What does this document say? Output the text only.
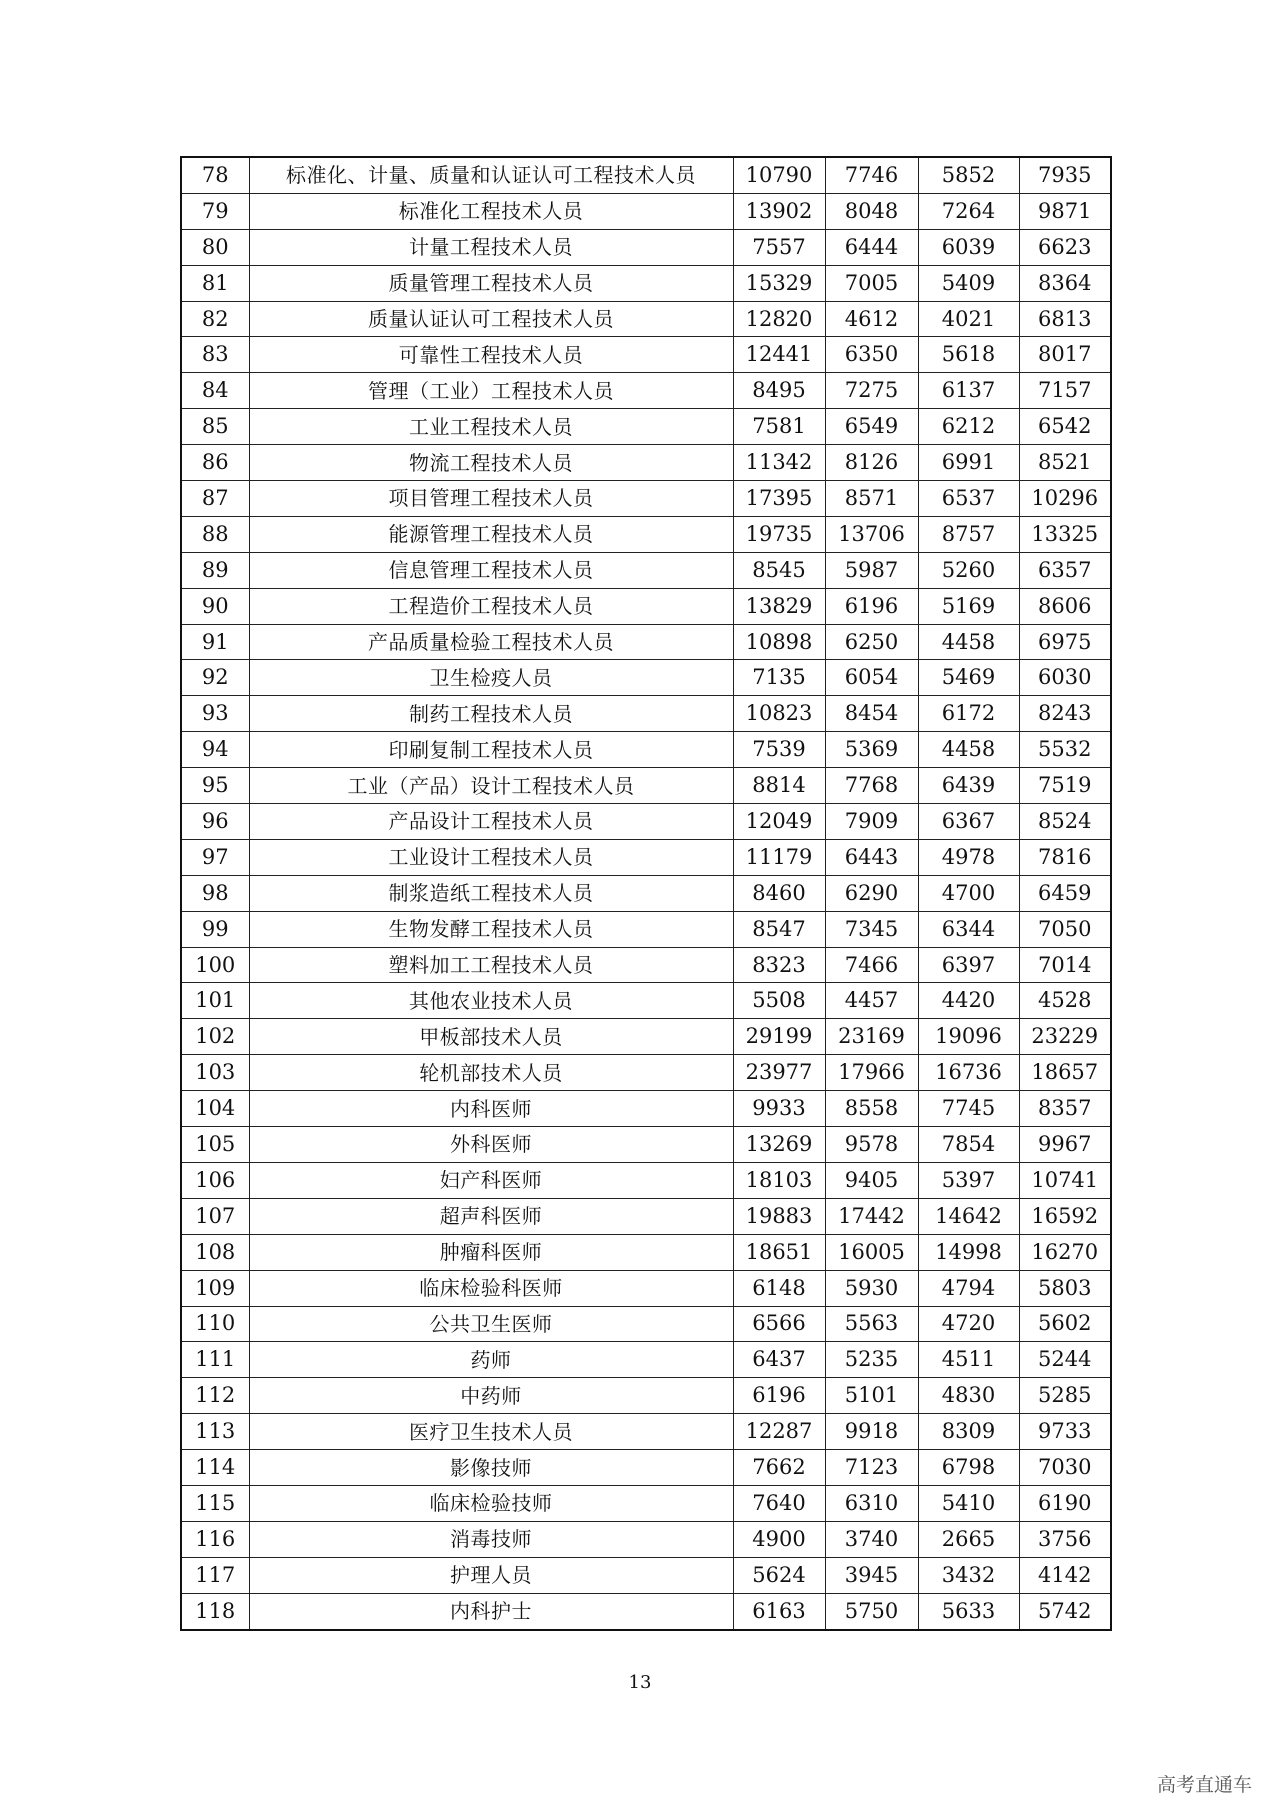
78	标准化、计量、质量和认证认可工程技术人员	10790	7746	5852	7935
79	标准化工程技术人员	13902	8048	7264	9871
80	计量工程技术人员	7557	6444	6039	6623
81	质量管理工程技术人员	15329	7005	5409	8364
82	质量认证认可工程技术人员	12820	4612	4021	6813
83	可靠性工程技术人员	12441	6350	5618	8017
84	管理（工业）工程技术人员	8495	7275	6137	7157
85	工业工程技术人员	7581	6549	6212	6542
86	物流工程技术人员	11342	8126	6991	8521
87	项目管理工程技术人员	17395	8571	6537	10296
88	能源管理工程技术人员	19735	13706	8757	13325
89	信息管理工程技术人员	8545	5987	5260	6357
90	工程造价工程技术人员	13829	6196	5169	8606
91	产品质量检验工程技术人员	10898	6250	4458	6975
92	卫生检疫人员	7135	6054	5469	6030
93	制药工程技术人员	10823	8454	6172	8243
94	印刷复制工程技术人员	7539	5369	4458	5532
95	工业（产品）设计工程技术人员	8814	7768	6439	7519
96	产品设计工程技术人员	12049	7909	6367	8524
97	工业设计工程技术人员	11179	6443	4978	7816
98	制浆造纸工程技术人员	8460	6290	4700	6459
99	生物发酵工程技术人员	8547	7345	6344	7050
100	塑料加工工程技术人员	8323	7466	6397	7014
101	其他农业技术人员	5508	4457	4420	4528
102	甲板部技术人员	29199	23169	19096	23229
103	轮机部技术人员	23977	17966	16736	18657
104	内科医师	9933	8558	7745	8357
105	外科医师	13269	9578	7854	9967
106	妇产科医师	18103	9405	5397	10741
107	超声科医师	19883	17442	14642	16592
108	肿瘤科医师	18651	16005	14998	16270
109	临床检验科医师	6148	5930	4794	5803
110	公共卫生医师	6566	5563	4720	5602
111	药师	6437	5235	4511	5244
112	中药师	6196	5101	4830	5285
113	医疗卫生技术人员	12287	9918	8309	9733
114	影像技师	7662	7123	6798	7030
115	临床检验技师	7640	6310	5410	6190
116	消毒技师	4900	3740	2665	3756
117	护理人员	5624	3945	3432	4142
118	内科护士	6163	5750	5633	5742
13
高考直通车
